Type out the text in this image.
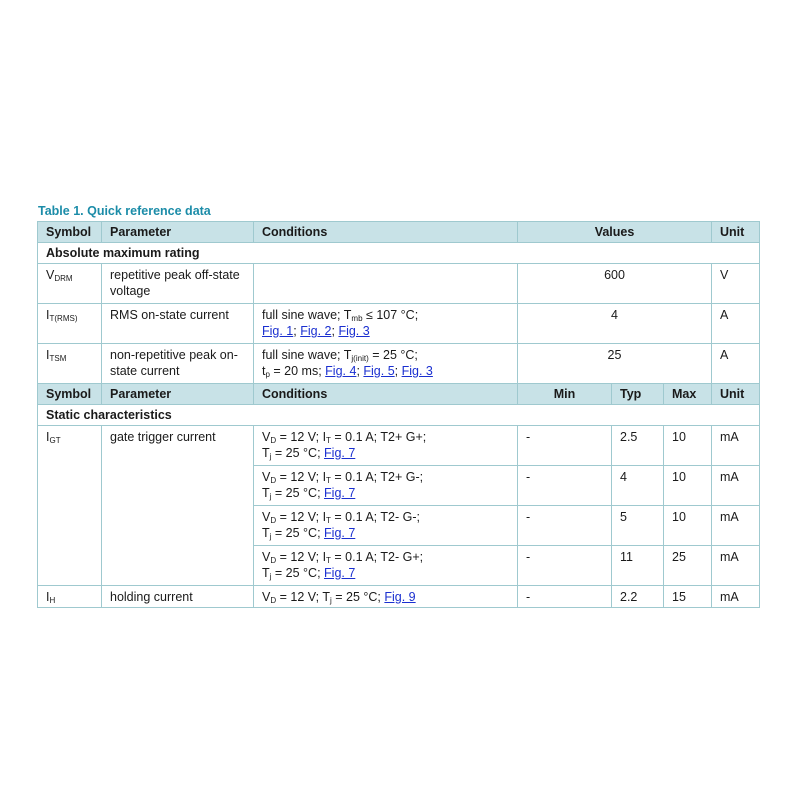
Table 1. Quick reference data
Symbol	Parameter	Conditions	Values			Unit
Absolute maximum rating						
$V_{DRM}$	repetitive peak off-state voltage		600			V
$I_{T(RMS)}$	RMS on-state current	full sine wave; $T_{mb} \le 107$ °C;
Fig. 1; Fig. 2; Fig. 3	4			A
$I_{TSM}$	non-repetitive peak on-state current	full sine wave; $T_{j(init)} = 25$ °C;
$t_p = 20$ ms; Fig. 4; Fig. 5; Fig. 3	25			A
Symbol	Parameter	Conditions	Min	Typ	Max	Unit
Static characteristics						
$I_{GT}$	gate trigger current	$V_D = 12$ V; $I_T = 0.1$ A; T2+ G+;
$T_j = 25$ °C; Fig. 7	-	2.5	10	mA
		$V_D = 12$ V; $I_T = 0.1$ A; T2+ G-;
$T_j = 25$ °C; Fig. 7	-	4	10	mA
		$V_D = 12$ V; $I_T = 0.1$ A; T2- G-;
$T_j = 25$ °C; Fig. 7	-	5	10	mA
		$V_D = 12$ V; $I_T = 0.1$ A; T2- G+;
$T_j = 25$ °C; Fig. 7	-	11	25	mA
$I_H$	holding current	$V_D = 12$ V; $T_j = 25$ °C; Fig. 9	-	2.2	15	mA
